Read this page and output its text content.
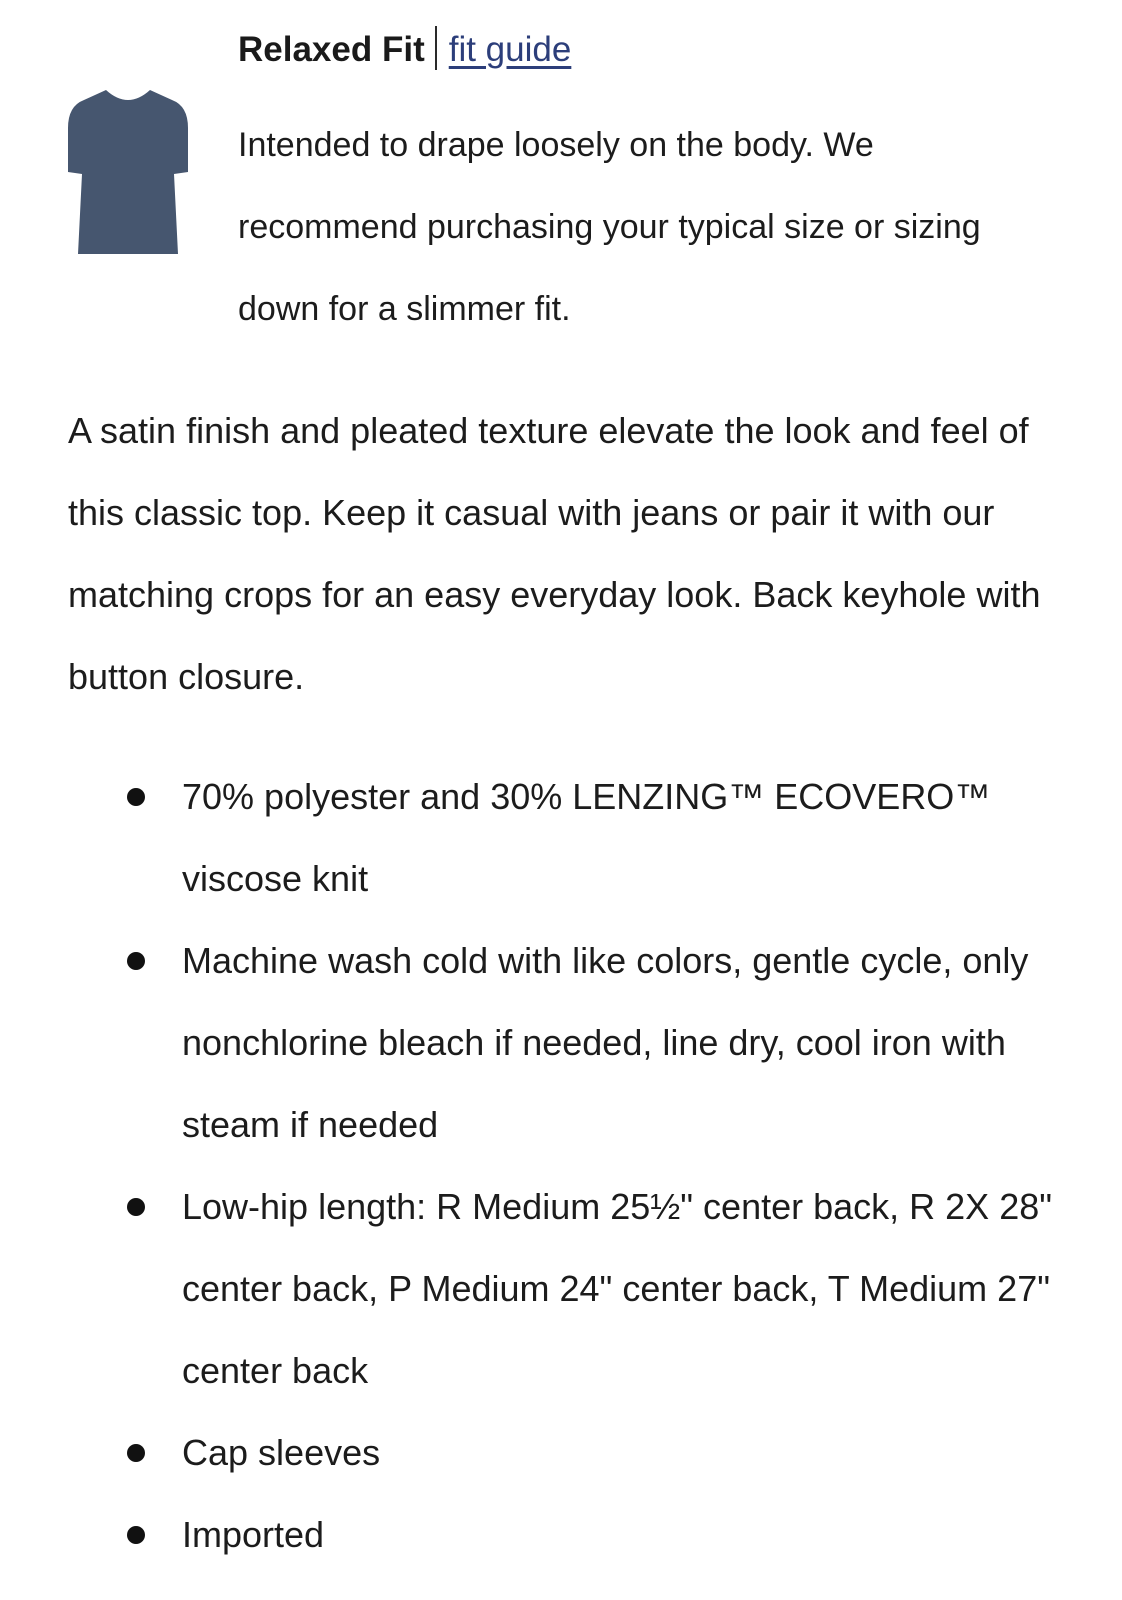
Relaxed Fit fit guide
Intended to drape loosely on the body. We recommend purchasing your typical size or sizing down for a slimmer fit.

A satin finish and pleated texture elevate the look and feel of this classic top. Keep it casual with jeans or pair it with our matching crops for an easy everyday look. Back keyhole with button closure.

70% polyester and 30% LENZING™ ECOVERO™ viscose knit
Machine wash cold with like colors, gentle cycle, only nonchlorine bleach if needed, line dry, cool iron with steam if needed
Low-hip length: R Medium 25½" center back, R 2X 28" center back, P Medium 24" center back, T Medium 27" center back
Cap sleeves
Imported
